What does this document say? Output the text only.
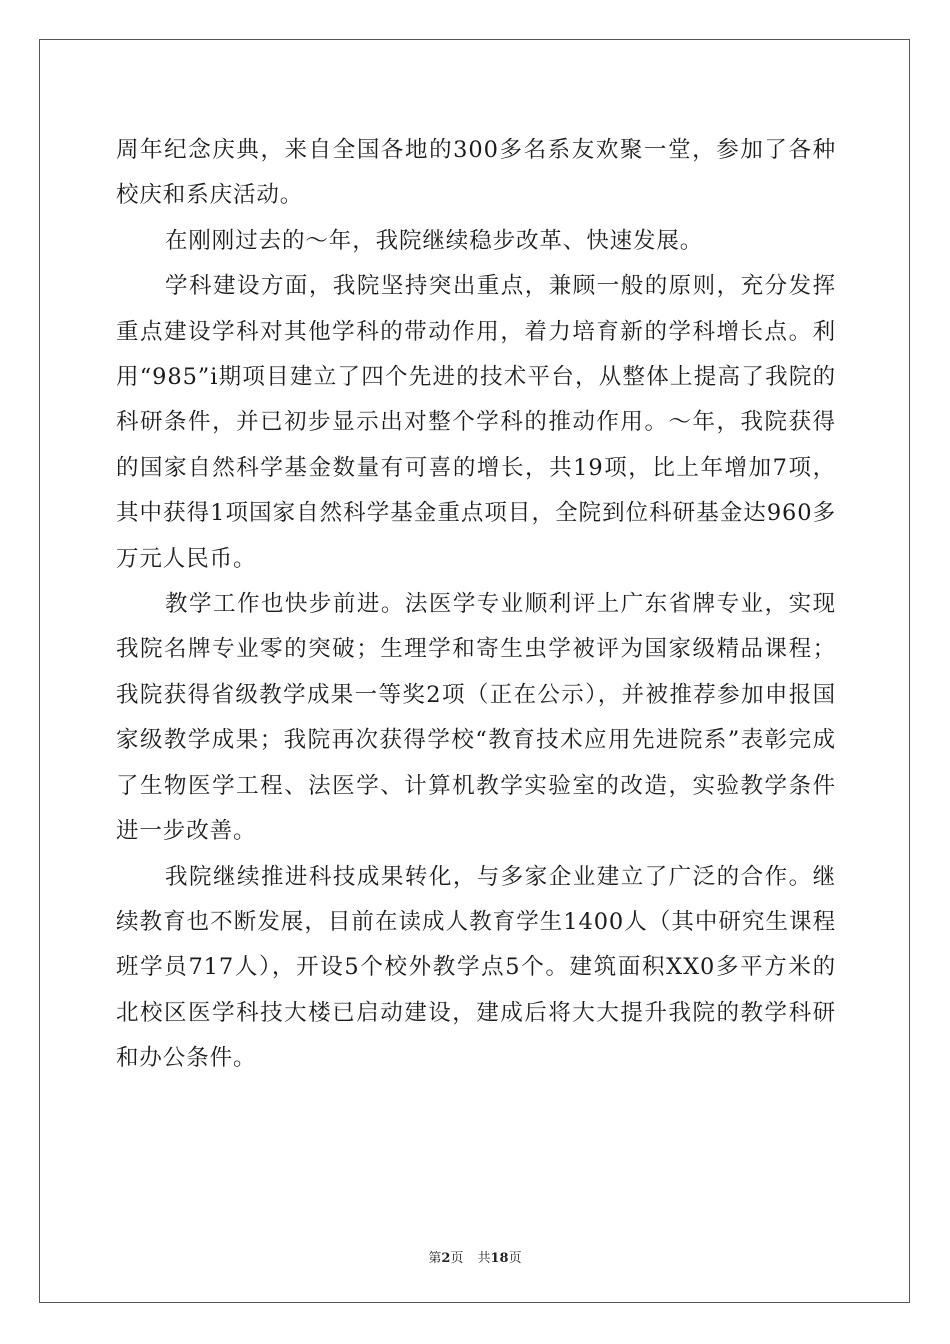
周年纪念庆典，来自全国各地的300多名系友欢聚一堂，参加了各种校庆和系庆活动。

在刚刚过去的～年，我院继续稳步改革、快速发展。

学科建设方面，我院坚持突出重点，兼顾一般的原则，充分发挥重点建设学科对其他学科的带动作用，着力培育新的学科增长点。利用“985”i期项目建立了四个先进的技术平台，从整体上提高了我院的科研条件，并已初步显示出对整个学科的推动作用。～年，我院获得的国家自然科学基金数量有可喜的增长，共19项，比上年增加7项，其中获得1项国家自然科学基金重点项目，全院到位科研基金达960多万元人民币。

教学工作也快步前进。法医学专业顺利评上广东省牌专业，实现我院名牌专业零的突破；生理学和寄生虫学被评为国家级精品课程；我院获得省级教学成果一等奖2项（正在公示），并被推荐参加申报国家级教学成果；我院再次获得学校“教育技术应用先进院系”表彰完成了生物医学工程、法医学、计算机教学实验室的改造，实验教学条件进一步改善。

我院继续推进科技成果转化，与多家企业建立了广泛的合作。继续教育也不断发展，目前在读成人教育学生1400人（其中研究生课程班学员717人），开设5个校外教学点5个。建筑面积XX0多平方米的北校区医学科技大楼已启动建设，建成后将大大提升我院的教学科研和办公条件。

第2页 共18页
